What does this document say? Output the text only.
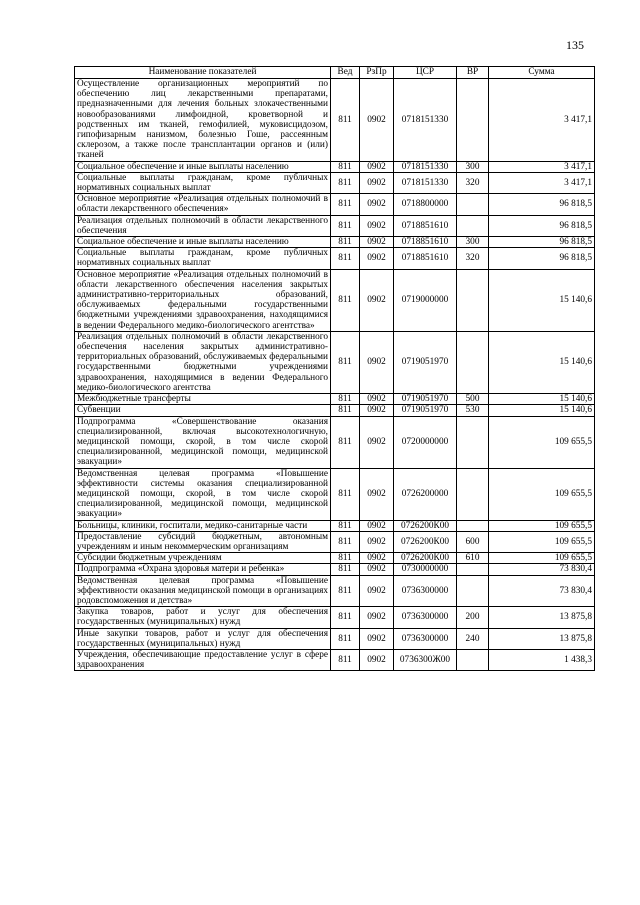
135
Наименование показателей	Вед	РзПр	ЦСР	ВР	Сумма
Осуществление организационных мероприятий по обеспечению лиц лекарственными препаратами, предназначенными для лечения больных злокачественными новообразованиями лимфоидной, кроветворной и родственных им тканей, гемофилией, муковисцидозом, гипофизарным нанизмом, болезнью Гоше, рассеянным склерозом, а также после трансплантации органов и (или) тканей	811	0902	0718151330		3 417,1
Социальное обеспечение и иные выплаты населению	811	0902	0718151330	300	3 417,1
Социальные выплаты гражданам, кроме публичных нормативных социальных выплат	811	0902	0718151330	320	3 417,1
Основное мероприятие «Реализация отдельных полномочий в области лекарственного обеспечения»	811	0902	0718800000		96 818,5
Реализация отдельных полномочий в области лекарственного обеспечения	811	0902	0718851610		96 818,5
Социальное обеспечение и иные выплаты населению	811	0902	0718851610	300	96 818,5
Социальные выплаты гражданам, кроме публичных нормативных социальных выплат	811	0902	0718851610	320	96 818,5
Основное мероприятие «Реализация отдельных полномочий в области лекарственного обеспечения населения закрытых административно-территориальных образований, обслуживаемых федеральными государственными бюджетными учреждениями здравоохранения, находящимися в ведении Федерального медико-биологического агентства»	811	0902	0719000000		15 140,6
Реализация отдельных полномочий в области лекарственного обеспечения населения закрытых административно-территориальных образований, обслуживаемых федеральными государственными бюджетными учреждениями здравоохранения, находящимися в ведении Федерального медико-биологического агентства	811	0902	0719051970		15 140,6
Межбюджетные трансферты	811	0902	0719051970	500	15 140,6
Субвенции	811	0902	0719051970	530	15 140,6
Подпрограмма «Совершенствование оказания специализированной, включая высокотехнологичную, медицинской помощи, скорой, в том числе скорой специализированной, медицинской помощи, медицинской эвакуации»	811	0902	0720000000		109 655,5
Ведомственная целевая программа «Повышение эффективности системы оказания специализированной медицинской помощи, скорой, в том числе скорой специализированной, медицинской помощи, медицинской эвакуации»	811	0902	0726200000		109 655,5
Больницы, клиники, госпитали, медико-санитарные части	811	0902	0726200К00		109 655,5
Предоставление субсидий бюджетным, автономным учреждениям и иным некоммерческим организациям	811	0902	0726200К00	600	109 655,5
Субсидии бюджетным учреждениям	811	0902	0726200К00	610	109 655,5
Подпрограмма «Охрана здоровья матери и ребенка»	811	0902	0730000000		73 830,4
Ведомственная целевая программа «Повышение эффективности оказания медицинской помощи в организациях родовспоможения и детства»	811	0902	0736300000		73 830,4
Закупка товаров, работ и услуг для обеспечения государственных (муниципальных) нужд	811	0902	0736300000	200	13 875,8
Иные закупки товаров, работ и услуг для обеспечения государственных (муниципальных) нужд	811	0902	0736300000	240	13 875,8
Учреждения, обеспечивающие предоставление услуг в сфере здравоохранения	811	0902	0736300Ж00		1 438,3
